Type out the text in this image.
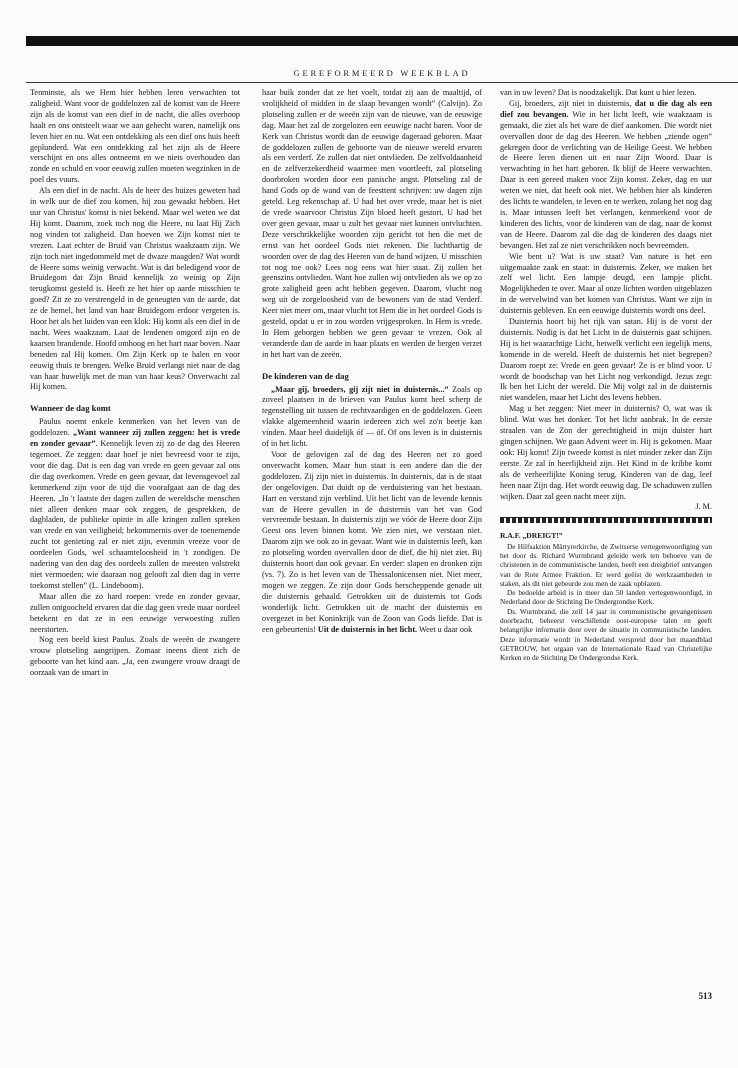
GEREFORMEERD WEEKBLAD

Tenminste, als we Hem hier hebben leren verwachten tot zaligheid. Want voor de goddelozen zal de komst van de Heere zijn als de komst van een dief in de nacht, die alles overhoop haalt en ons ontsteelt waar we aan gehecht waren, namelijk ons leven hier en nu. Wat een ontdekking als een dief ons huis heeft geplunderd. Wat een ontdekking zal het zijn als de Heere verschijnt en ons alles ontneemt en we niets overhouden dan zonde en schuld en voor eeuwig zullen moeten wegzinken in de poel des vuurs.

Als een dief in de nacht. Als de heer des huizes geweten had in welk uur de dief zou komen, hij zou gewaakt hebben. Het uur van Christus' komst is niet bekend. Maar wel weten we dat Hij komt. Daarom, zoek toch nog die Heere, nu laat Hij Zich nog vinden tot zaligheid. Dan hoeven we Zijn komst niet te vrezen. Laat echter de Bruid van Christus waakzaam zijn. We zijn toch niet ingedommeld met de dwaze maagden? Wat wordt de Heere soms weinig verwacht. Wat is dat beledigend voor de Bruidegom dat Zijn Bruid kennelijk zo weinig op Zijn terugkomst gesteld is. Heeft ze het hier op aarde misschien te goed? Zit ze zo verstrengeld in de geneugten van de aarde, dat ze de hemel, het land van haar Bruidegom erdoor vergeten is. Hoor het als het luiden van een klok: Hij komt als een dief in de nacht. Wees waakzaam. Laat de lendenen omgord zijn en de kaarsen brandende. Hoofd omhoog en het hart naar boven. Naar beneden zal Hij komen. Om Zijn Kerk op te halen en voor eeuwig thuis te brengen. Welke Bruid verlangt niet naar de dag van haar huwelijk met de man van haar keus? Onverwacht zal Hij komen.

Wanneer de dag komt

Paulus noemt enkele kenmerken van het leven van de goddelozen. „Want wanneer zij zullen zeggen: het is vrede en zonder gevaar”. Kennelijk leven zij zo de dag des Heeren tegemoet. Ze zeggen: daar hoef je niet bevreesd voor te zijn, voor die dag. Dat is een dag van vrede en geen gevaar zal ons die dag overkomen. Vrede en geen gevaar, dat levensgevoel zal kenmerkend zijn voor de tijd die voorafgaat aan de dag des Heeren. „In 't laatste der dagen zullen de wereldsche menschen niet alleen denken maar ook zeggen, de gesprekken, de dagbladen, de publieke opinie in alle kringen zullen spreken van vrede en van veiligheid; bekommernis over de toenemende zucht tot genieting zal er niet zijn, evenmin vreeze voor de oordeelen Gods, wel schaamteloosheid in 't zondigen. De nadering van den dag des oordeels zullen de meesten volstrekt niet vermoeden; wie daaraan nog gelooft zal dien dag in verre toekomst stellen” (L. Lindeboom).

Maar allen die zo hard roepen: vrede en zonder gevaar, zullen ontgoocheld ervaren dat die dag geen vrede maar oordeel betekent en dat ze in een eeuwige verwoesting zullen neerstorten.

Nog een beeld kiest Paulus. Zoals de weeën de zwangere vrouw plotseling aangrijpen. Zomaar ineens dient zich de geboorte van het kind aan. „Ja, een zwangere vrouw draagt de oorzaak van de smart in

haar buik zonder dat ze het voelt, totdat zij aan de maaltijd, of vrolijkheid of midden in de slaap bevangen wordt” (Calvijn). Zo plotseling zullen er de weeën zijn van de nieuwe, van de eeuwige dag. Maar het zal de zorgelozen een eeuwige nacht baren. Voor de Kerk van Christus wordt dan de eeuwige dageraad geboren. Maar de goddelozen zullen de geboorte van de nieuwe wereld ervaren als een verderf. Ze zullen dat niet ontvlieden. De zelfvoldaanheid en de zelfverzekerdheid waarmee men voortleeft, zal plotseling doorbroken worden door een panische angst. Plotseling zal de hand Gods op de wand van de feesttent schrijven: uw dagen zijn geteld. Leg rekenschap af. U had het over vrede, maar het is niet de vrede waarvoor Christus Zijn bloed heeft gestort. U had het over geen gevaar, maar u zult het gevaar niet kunnen ontvluchten. Deze verschrikkelijke woorden zijn gericht tot hen die met de ernst van het oordeel Gods niet rekenen. Die luchthartig de woorden over de dag des Heeren van de hand wijzen. U misschien tot nog toe ook? Lees nog eens wat hier staat. Zij zullen het geenszins ontvlieden. Want hoe zullen wij ontvlieden als we op zo grote zaligheid geen acht hebben gegeven. Daarom, vlucht nog weg uit de zorgeloosheid van de bewoners van de stad Verderf. Keer niet meer om, maar vlucht tot Hem die in het oordeel Gods is gesteld, opdat u er in zou worden vrijgesproken. In Hem is vrede. In Hem geborgen hebben we geen gevaar te vrezen. Ook al veranderde dan de aarde in haar plaats en werden de bergen verzet in het hart van de zeeën.

De kinderen van de dag

„Maar gij, broeders, gij zijt niet in duisternis...” Zoals op zoveel plaatsen in de brieven van Paulus komt heel scherp de tegenstelling uit tussen de rechtvaardigen en de goddelozen. Geen vlakke algemeenheid waarin iedereen zich wel zo'n beetje kan vinden. Maar heel duidelijk óf — óf. Of ons leven is in duisternis of in het licht.

Voor de gelovigen zal de dag des Heeren net zo goed onverwacht komen. Maar hun staat is een andere dan die der goddelozen. Zij zijn niet in duisternis. In duisternis, dat is de staat der ongelovigen. Dat duidt op de verduistering van het bestaan. Hart en verstand zijn verblind. Uit het licht van de levende kennis van de Heere gevallen in de duisternis van het van God vervreemde bestaan. In duisternis zijn we vóór de Heere door Zijn Geest ons leven binnen komt. We zien niet, we verstaan niet. Daarom zijn we ook zo in gevaar. Want wie in duisternis leeft, kan zo plotseling worden overvallen door de dief, die hij niet ziet. Bij duisternis hoort dan ook gevaar. En verder: slapen en dronken zijn (vs. 7). Zo is het leven van de Thessalonicensen niet. Niet meer, mogen we zeggen. Ze zijn door Gods herscheppende genade uit die duisternis gehaald. Getrokken uit de duisternis tot Gods wonderlijk licht. Getrokken uit de macht der duisternis en overgezet in het Koninkrijk van de Zoon van Gods liefde. Dat is een gebeurtenis! Uit de duisternis in het licht. Weet u daar ook

van in uw leven? Dat is noodzakelijk. Dat kunt u hier lezen.

Gij, broeders, zijt niet in duisternis, dat u die dag als een dief zou bevangen. Wie in het licht leeft, wie waakzaam is gemaakt, die ziet als het ware de dief aankomen. Die wordt niet overvallen door de dag des Heeren. We hebben „ziende ogen” gekregen door de verlichting van de Heilige Geest. We hebben de Heere leren dienen uit en naar Zijn Woord. Daar is verwachting in het hart geboren. Ik blijf de Heere verwachten. Daar is een gereed maken voor Zijn komst. Zeker, dag en uur weten we niet, dat heeft ook niet. We hebben hier als kinderen des lichts te wandelen, te leven en te werken, zolang het nog dag is. Maar intussen leeft het verlangen, kenmerkend voor de kinderen des lichts, voor de kinderen van de dag, naar de komst van de Heere. Daarom zal die dag de kinderen des daags niet bevangen. Het zal ze niet verschrikken noch bevreemden.

Wie bent u? Wat is uw staat? Van nature is het een uitgemaakte zaak en staat: in duisternis. Zeker, we maken het zelf wel licht. Een lampje deugd, een lampje plicht. Mogelijkheden te over. Maar al onze lichten worden uitgeblazen in de wervelwind van het komen van Christus. Want we zijn in duisternis gebleven. En een eeuwige duisternis wordt ons deel.

Duisternis hoort bij het rijk van satan. Hij is de vorst der duisternis. Nodig is dat het Licht in de duisternis gaat schijnen. Hij is het waarachtige Licht, hetwelk verlicht een iegelijk mens, komende in de wereld. Heeft de duisternis het niet begrepen? Daarom roept ze: Vrede en geen gevaar! Ze is er blind voor. U wordt de boodschap van het Licht nog verkondigd. Jezus zegt: Ik ben het Licht der wereld. Die Mij volgt zal in de duisternis niet wandelen, maar het Licht des levens hebben.

Mag u het zeggen: Niet meer in duisternis? O, wat was ik blind. Wat was het donker. Tot het licht aanbrak. In de eerste straalen van de Zon der gerechtigheid in mijn duister hart gingen schijnen. We gaan Advent weer in. Hij is gekomen. Maar ook: Hij komt! Zijn tweede komst is niet minder zeker dan Zijn eerste. Ze zal in heerlijkheid zijn. Het Kind in de kribbe komt als de verheerlijkte Koning terug. Kinderen van de dag, leef heen naar Zijn dag. Het wordt eeuwig dag. De schaduwen zullen wijken. Daar zal geen nacht meer zijn.

J. M.

R.A.F. „DREIGT!”

De Hilfsaktion Märtyrerkirche, de Zwitserse vertegenwoordiging van het door ds. Richard Wurmbrand geleide werk ten behoeve van de christenen in de communistische landen, heeft een dreigbrief ontvangen van de Rote Armee Fraktion. Er werd geëist de werkzaamheden te staken, als dit niet gebeurde zou men de zaak opblazen.

De bedoelde arbeid is in meer dan 50 landen vertegenwoordigd, in Nederland door de Stichting De Ondergrondse Kerk.

Ds. Wurmbrand, die zelf 14 jaar in communistische gevangenissen doorbracht, beheerst verschillende oost-europese talen en geeft belangrijke informatie door over de situatie in communistische landen. Deze informatie wordt in Nederland verspreid door het maandblad GETROUW, het orgaan van de Internationale Raad van Christelijke Kerken en de Stichting De Ondergrondse Kerk.

513
